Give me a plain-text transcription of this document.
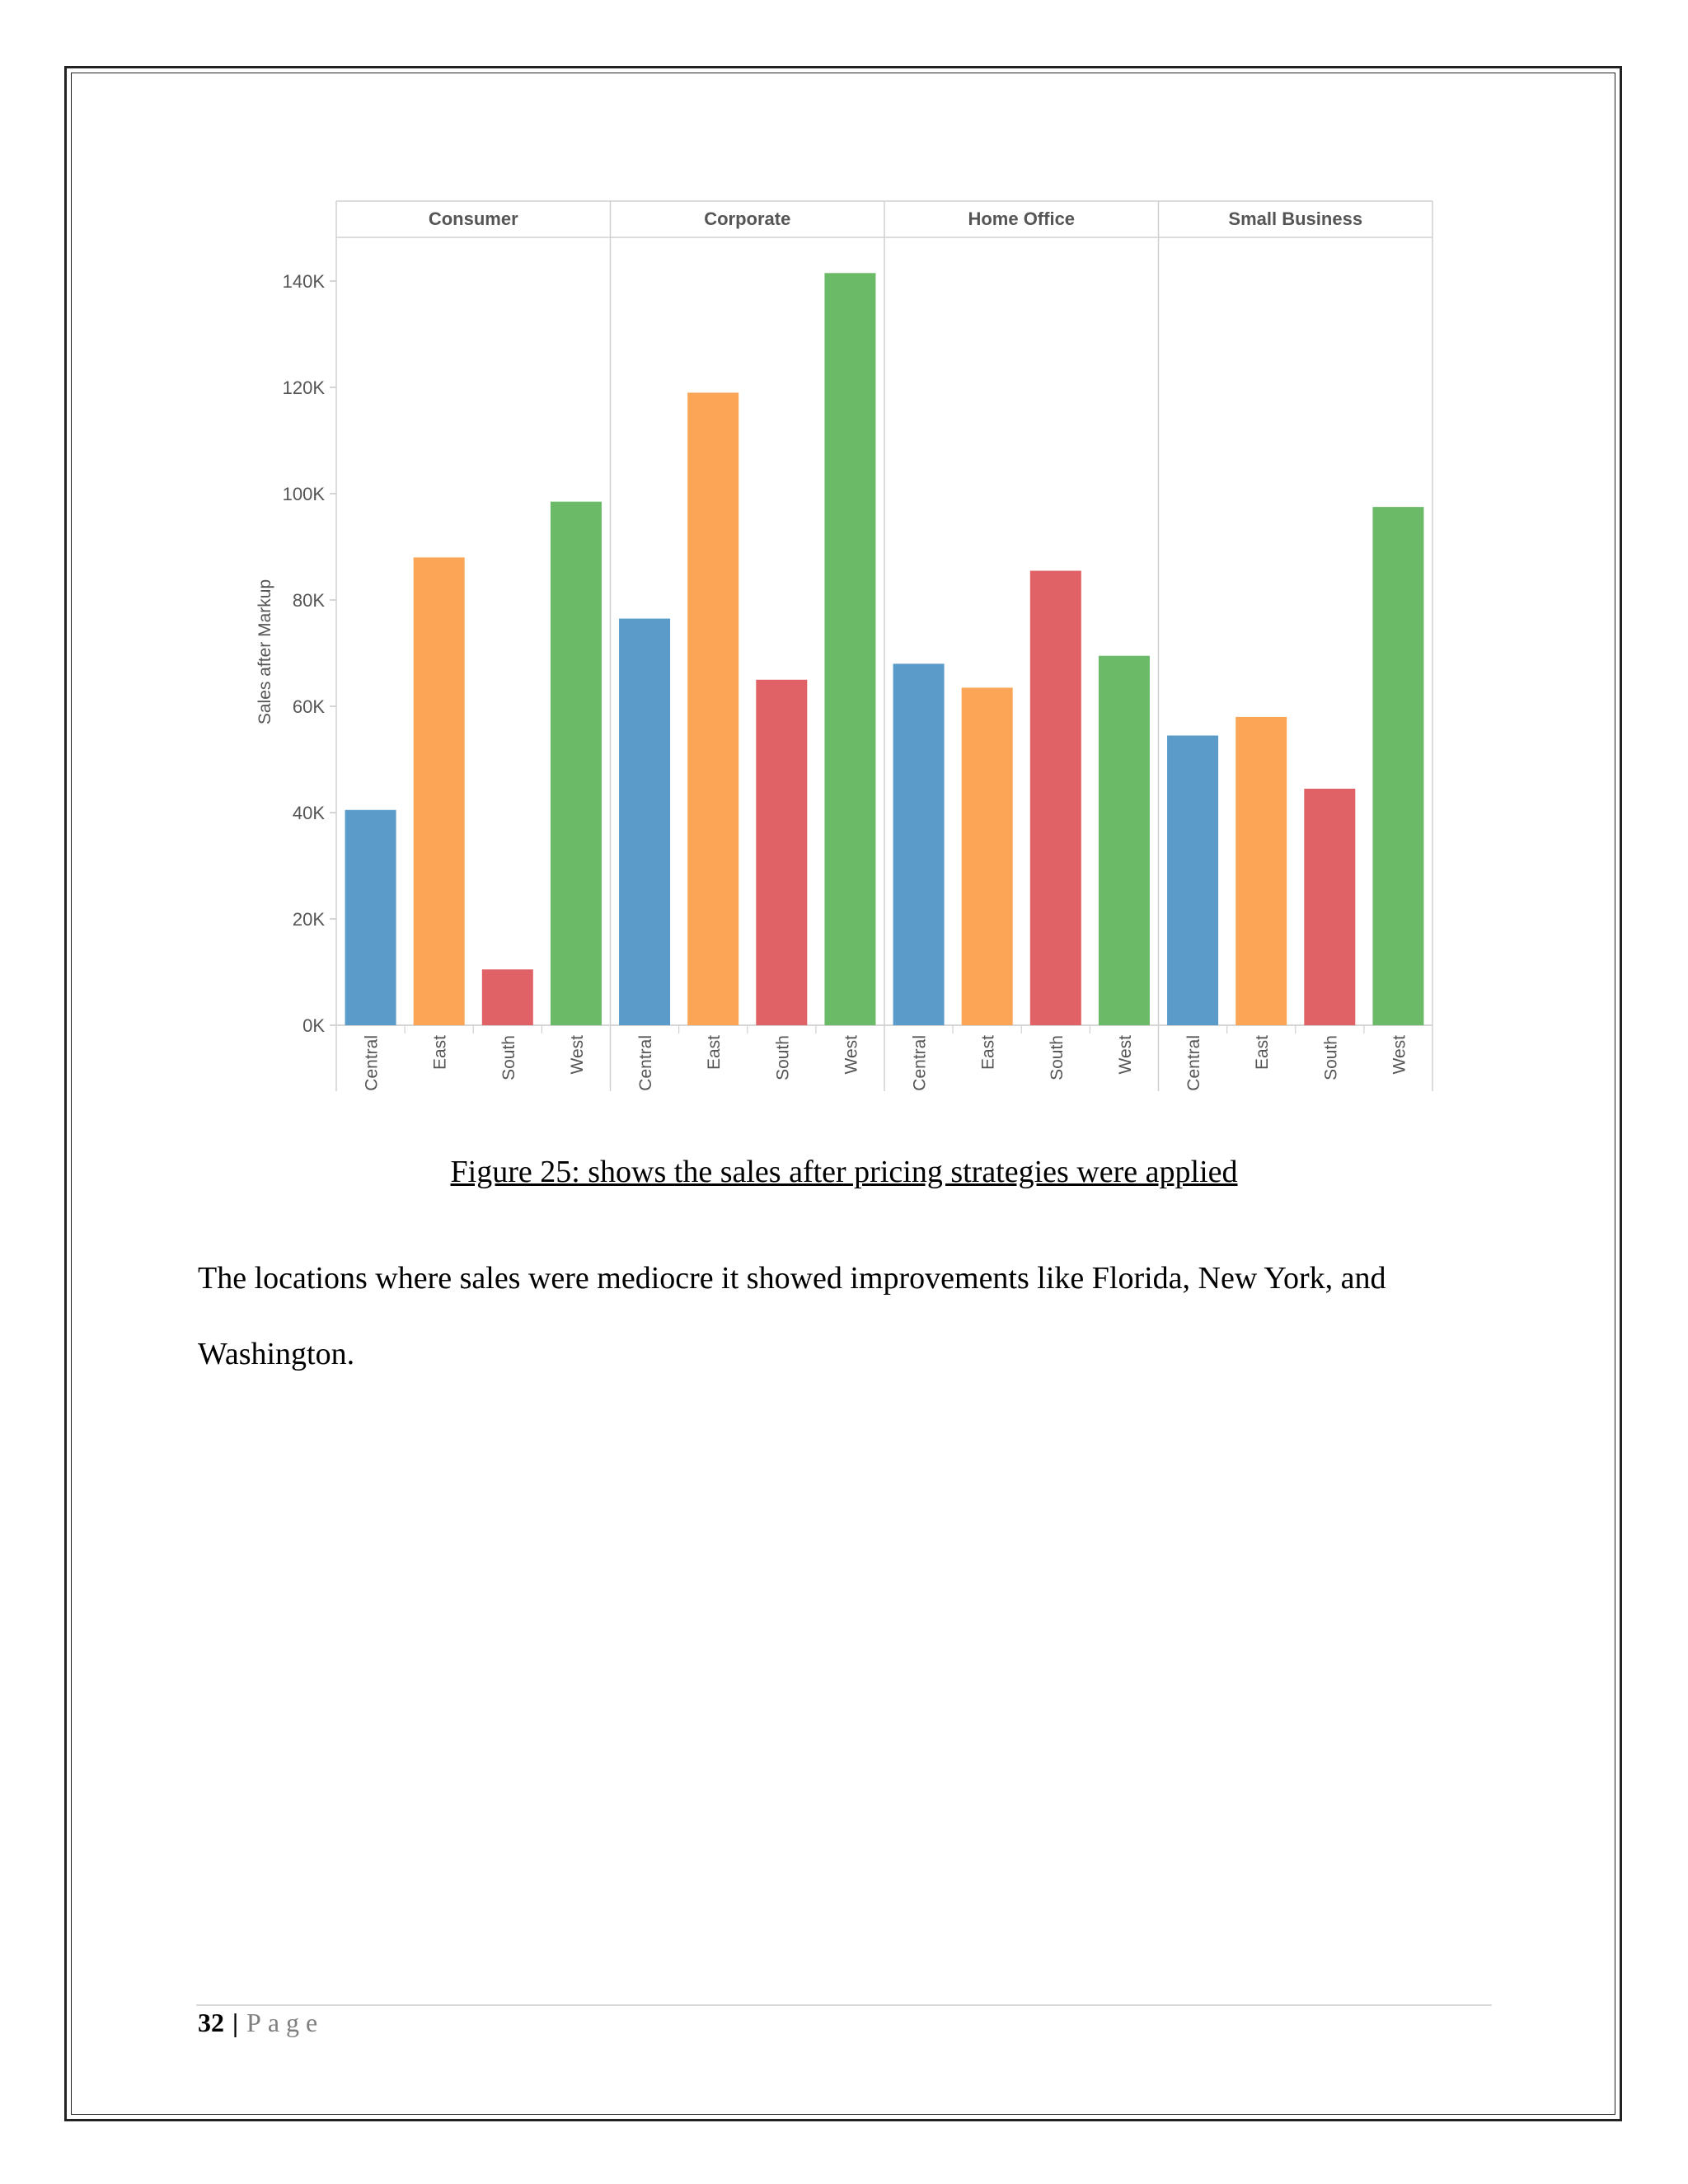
0K
20K
40K
60K
80K
100K
120K
140K
Sales after Markup
Consumer
Central	East	South	West
Corporate
Central	East	South	West
Home Office
Central	East	South	West
Small Business
Central	East	South	West
Figure 25: shows the sales after pricing strategies were applied

The locations where sales were mediocre it showed improvements like Florida, New York, and Washington.

32 | Page
